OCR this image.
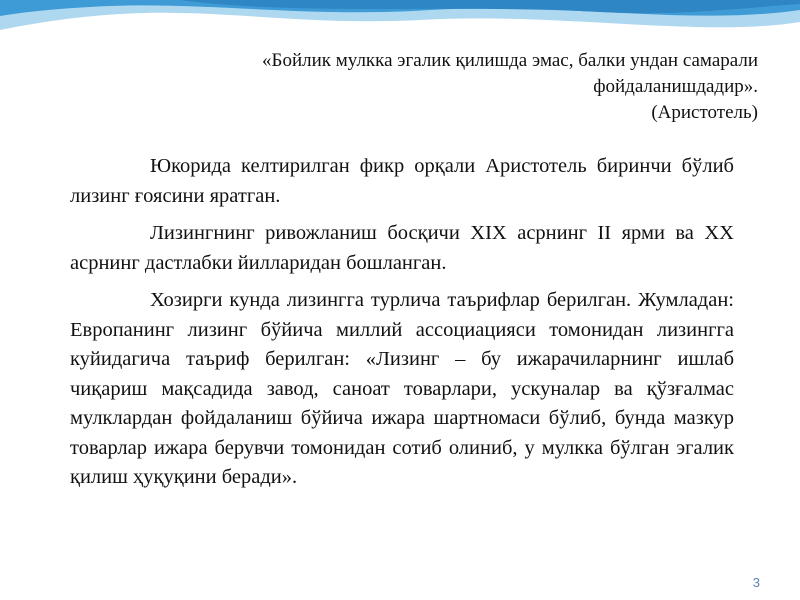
«Бойлик мулкка эгалик қилишда эмас, балки ундан самарали фойдаланишдадир».

(Аристотель)

Юкорида келтирилган фикр орқали Аристотель биринчи бўлиб лизинг ғоясини яратган.

Лизингнинг ривожланиш босқичи XIX асрнинг II ярми ва XX асрнинг дастлабки йилларидан бошланган.

Хозирги кунда лизингга турлича таърифлар берилган. Жумладан: Европанинг лизинг бўйича миллий ассоциацияси томонидан лизингга куйидагича таъриф берилган: «Лизинг – бу ижарачиларнинг ишлаб чиқариш мақсадида завод, саноат товарлари, ускуналар ва қўзғалмас мулклардан фойдаланиш бўйича ижара шартномаси бўлиб, бунда мазкур товарлар ижара берувчи томонидан сотиб олиниб, у мулкка бўлган эгалик қилиш ҳуқуқини беради».

3
